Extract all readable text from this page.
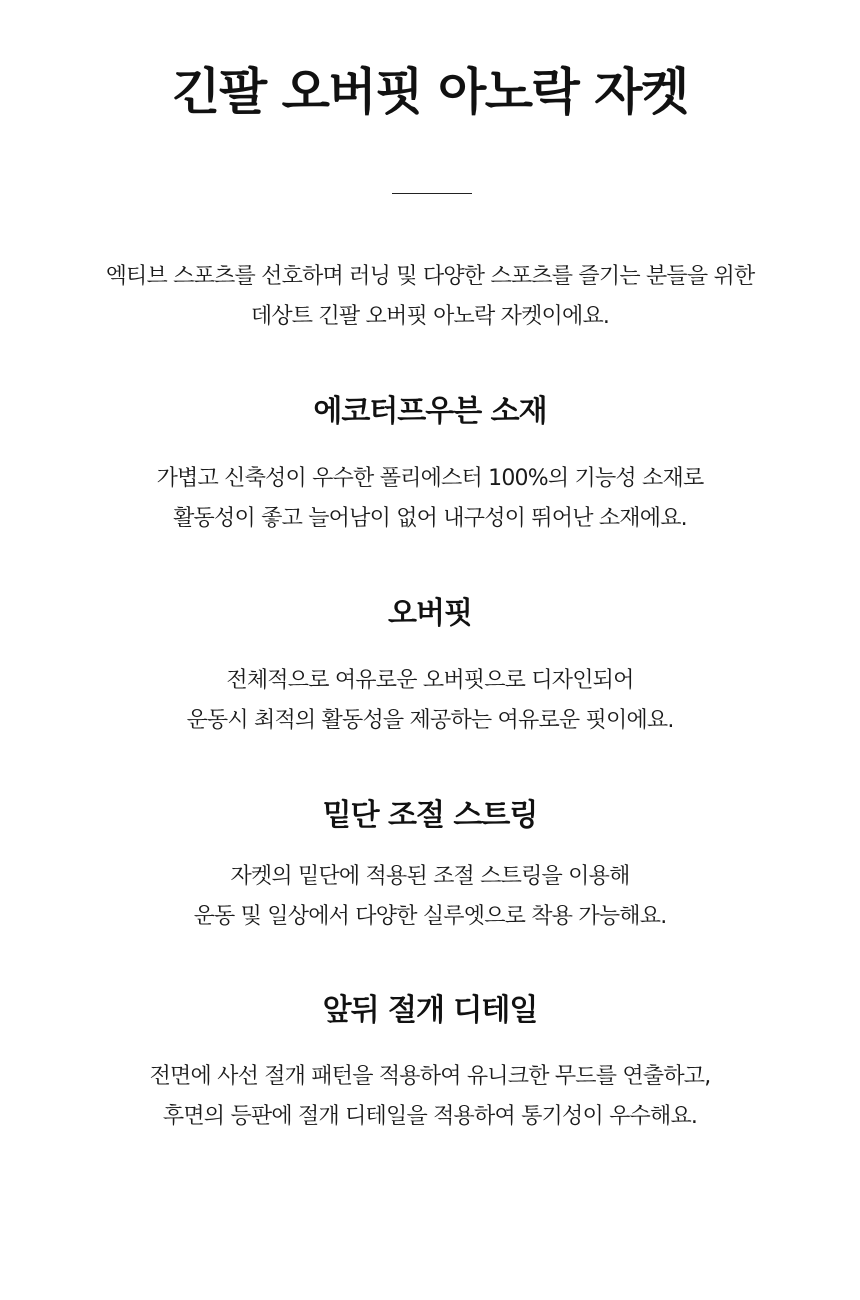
긴팔 오버핏 아노락 자켓

엑티브 스포츠를 선호하며 러닝 및 다양한 스포츠를 즐기는 분들을 위한
데상트 긴팔 오버핏 아노락 자켓이에요.

에코터프우븐 소재

가볍고 신축성이 우수한 폴리에스터 100%의 기능성 소재로
활동성이 좋고 늘어남이 없어 내구성이 뛰어난 소재에요.

오버핏

전체적으로 여유로운 오버핏으로 디자인되어
운동시 최적의 활동성을 제공하는 여유로운 핏이에요.

밑단 조절 스트링

자켓의 밑단에 적용된 조절 스트링을 이용해
운동 및 일상에서 다양한 실루엣으로 착용 가능해요.

앞뒤 절개 디테일

전면에 사선 절개 패턴을 적용하여 유니크한 무드를 연출하고,
후면의 등판에 절개 디테일을 적용하여 통기성이 우수해요.
